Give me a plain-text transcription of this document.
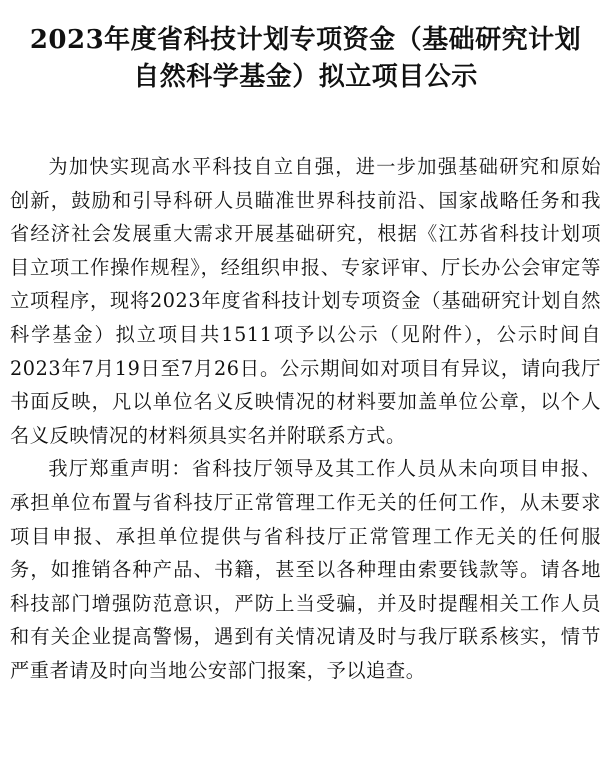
2023年度省科技计划专项资金（基础研究计划
自然科学基金）拟立项目公示

为加快实现高水平科技自立自强，进一步加强基础研究和原始创新，鼓励和引导科研人员瞄准世界科技前沿、国家战略任务和我省经济社会发展重大需求开展基础研究，根据《江苏省科技计划项目立项工作操作规程》，经组织申报、专家评审、厅长办公会审定等立项程序，现将2023年度省科技计划专项资金（基础研究计划自然科学基金）拟立项目共1511项予以公示（见附件），公示时间自2023年7月19日至7月26日。公示期间如对项目有异议，请向我厅书面反映，凡以单位名义反映情况的材料要加盖单位公章，以个人名义反映情况的材料须具实名并附联系方式。

我厅郑重声明：省科技厅领导及其工作人员从未向项目申报、承担单位布置与省科技厅正常管理工作无关的任何工作，从未要求项目申报、承担单位提供与省科技厅正常管理工作无关的任何服务，如推销各种产品、书籍，甚至以各种理由索要钱款等。请各地科技部门增强防范意识，严防上当受骗，并及时提醒相关工作人员和有关企业提高警惕，遇到有关情况请及时与我厅联系核实，情节严重者请及时向当地公安部门报案，予以追查。
